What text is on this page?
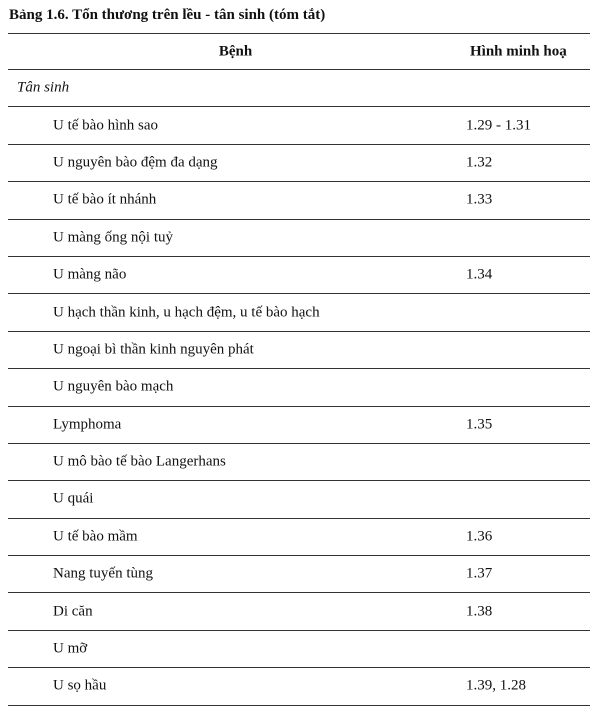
Bảng 1.6. Tổn thương trên lều - tân sinh (tóm tắt)
Bệnh	Hình minh hoạ
Tân sinh
U tế bào hình sao	1.29 - 1.31
U nguyên bào đệm đa dạng	1.32
U tế bào ít nhánh	1.33
U màng ống nội tuỷ
U màng não	1.34
U hạch thần kinh, u hạch đệm, u tế bào hạch
U ngoại bì thần kinh nguyên phát
U nguyên bào mạch
Lymphoma	1.35
U mô bào tế bào Langerhans
U quái
U tế bào mầm	1.36
Nang tuyến tùng	1.37
Di căn	1.38
U mỡ
U sọ hầu	1.39, 1.28
